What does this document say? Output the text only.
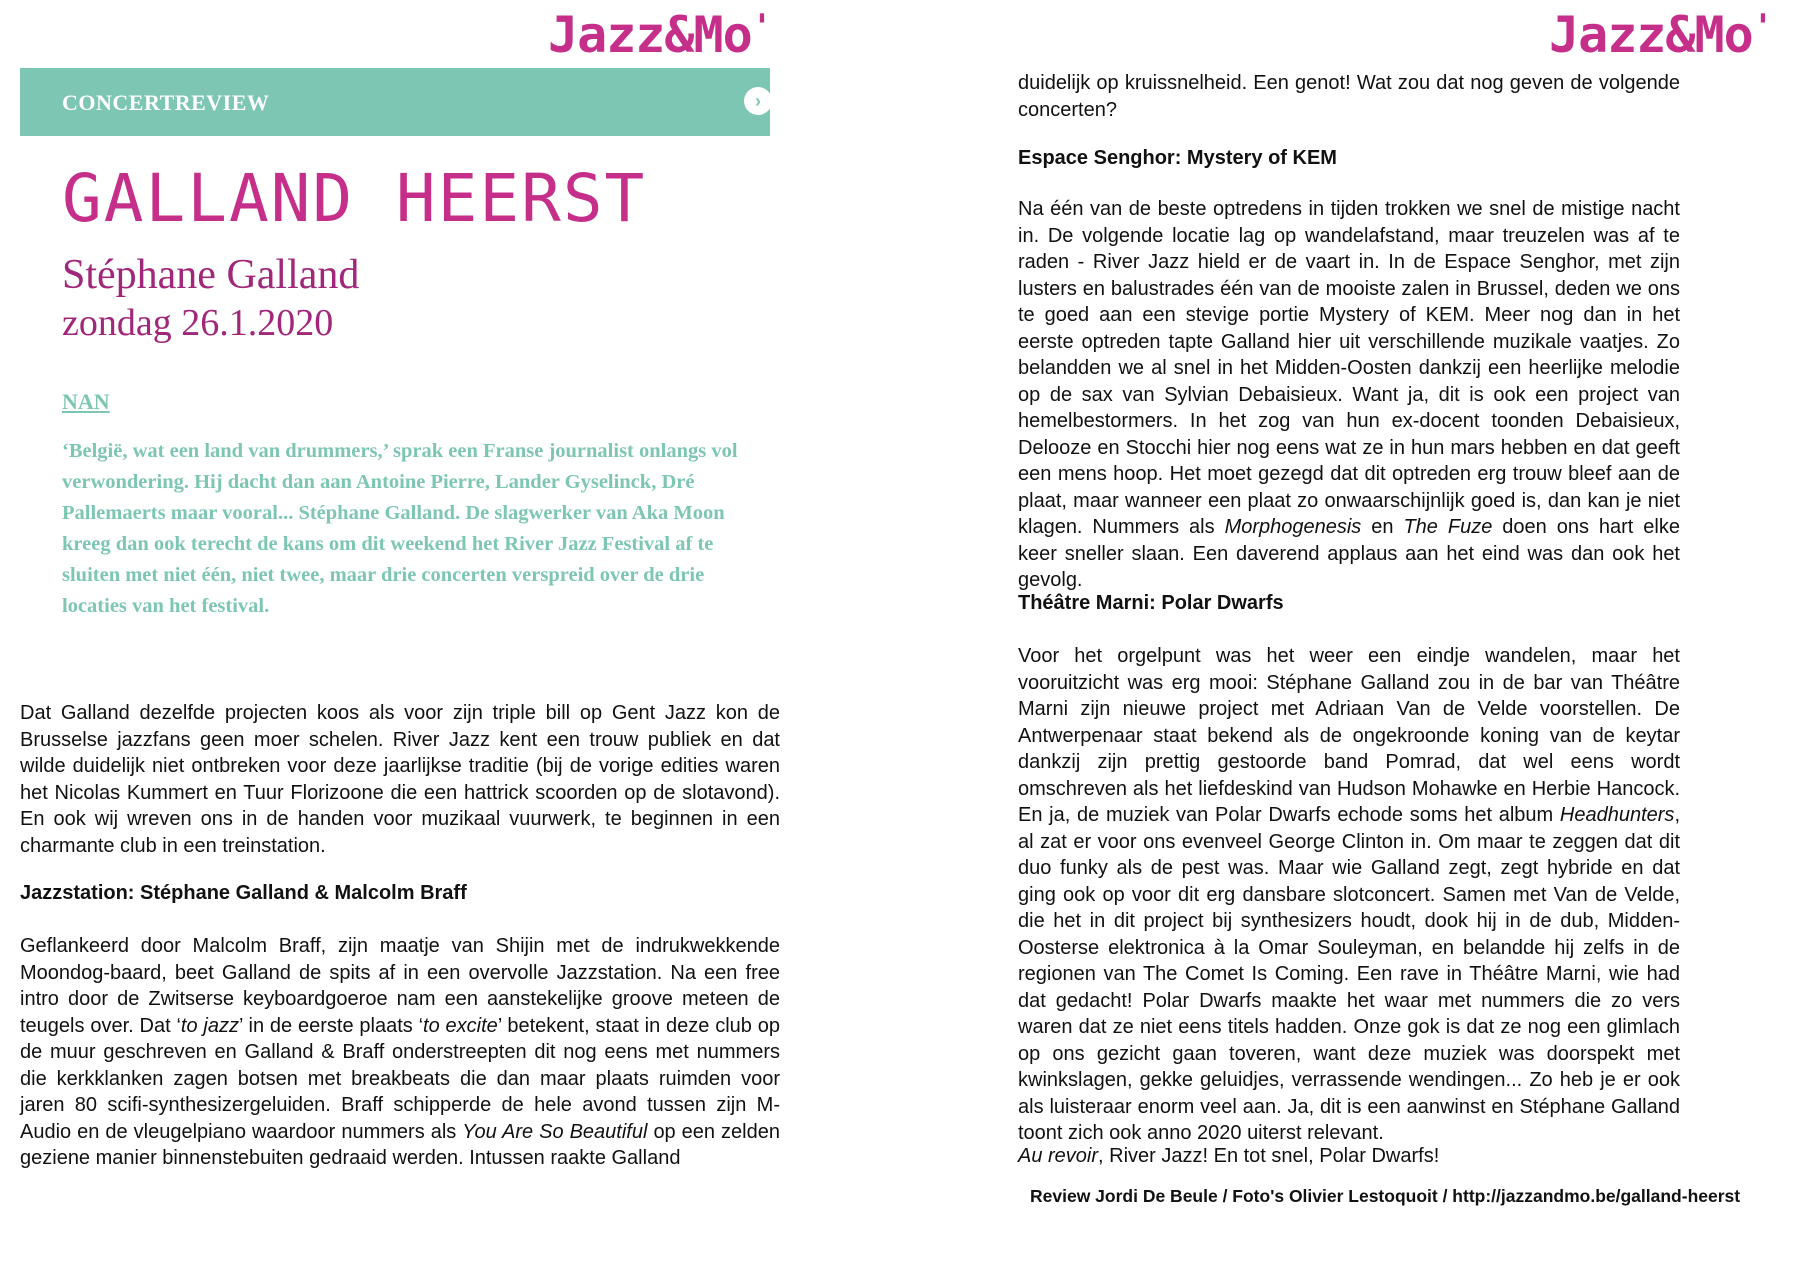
Jazz&Mo'
CONCERTREVIEW	›
GALLAND HEERST
Stéphane Galland
zondag 26.1.2020
NAN

‘België, wat een land van drummers,’ sprak een Franse journalist onlangs vol verwondering. Hij dacht dan aan Antoine Pierre, Lander Gyselinck, Dré Pallemaerts maar vooral... Stéphane Galland. De slagwerker van Aka Moon kreeg dan ook terecht de kans om dit weekend het River Jazz Festival af te sluiten met niet één, niet twee, maar drie concerten verspreid over de drie locaties van het festival.

Dat Galland dezelfde projecten koos als voor zijn triple bill op Gent Jazz kon de Brusselse jazzfans geen moer schelen. River Jazz kent een trouw publiek en dat wilde duidelijk niet ontbreken voor deze jaarlijkse traditie (bij de vorige edities waren het Nicolas Kummert en Tuur Florizoone die een hattrick scoorden op de slotavond). En ook wij wreven ons in de handen voor muzikaal vuurwerk, te beginnen in een charmante club in een treinstation.

Jazzstation: Stéphane Galland & Malcolm Braff

Geflankeerd door Malcolm Braff, zijn maatje van Shijin met de indrukwekkende Moondog-baard, beet Galland de spits af in een overvolle Jazzstation. Na een free intro door de Zwitserse keyboardgoeroe nam een aanstekelijke groove meteen de teugels over. Dat ‘to jazz’ in de eerste plaats ‘to excite’ betekent, staat in deze club op de muur geschreven en Galland & Braff onderstreepten dit nog eens met nummers die kerkklanken zagen botsen met breakbeats die dan maar plaats ruimden voor jaren 80 scifi-synthesizergeluiden. Braff schipperde de hele avond tussen zijn M-Audio en de vleugelpiano waardoor nummers als You Are So Beautiful op een zelden geziene manier binnenstebuiten gedraaid werden. Intussen raakte Galland

Jazz&Mo'

duidelijk op kruissnelheid. Een genot! Wat zou dat nog geven de volgende concerten?

Espace Senghor: Mystery of KEM

Na één van de beste optredens in tijden trokken we snel de mistige nacht in. De volgende locatie lag op wandelafstand, maar treuzelen was af te raden - River Jazz hield er de vaart in. In de Espace Senghor, met zijn lusters en balustrades één van de mooiste zalen in Brussel, deden we ons te goed aan een stevige portie Mystery of KEM. Meer nog dan in het eerste optreden tapte Galland hier uit verschillende muzikale vaatjes. Zo belandden we al snel in het Midden-Oosten dankzij een heerlijke melodie op de sax van Sylvian Debaisieux. Want ja, dit is ook een project van hemelbestormers. In het zog van hun ex-docent toonden Debaisieux, Delooze en Stocchi hier nog eens wat ze in hun mars hebben en dat geeft een mens hoop. Het moet gezegd dat dit optreden erg trouw bleef aan de plaat, maar wanneer een plaat zo onwaarschijnlijk goed is, dan kan je niet klagen. Nummers als Morphogenesis en The Fuze doen ons hart elke keer sneller slaan. Een daverend applaus aan het eind was dan ook het gevolg.

Théâtre Marni: Polar Dwarfs

Voor het orgelpunt was het weer een eindje wandelen, maar het vooruitzicht was erg mooi: Stéphane Galland zou in de bar van Théâtre Marni zijn nieuwe project met Adriaan Van de Velde voorstellen. De Antwerpenaar staat bekend als de ongekroonde koning van de keytar dankzij zijn prettig gestoorde band Pomrad, dat wel eens wordt omschreven als het liefdeskind van Hudson Mohawke en Herbie Hancock. En ja, de muziek van Polar Dwarfs echode soms het album Headhunters, al zat er voor ons evenveel George Clinton in. Om maar te zeggen dat dit duo funky als de pest was. Maar wie Galland zegt, zegt hybride en dat ging ook op voor dit erg dansbare slotconcert. Samen met Van de Velde, die het in dit project bij synthesizers houdt, dook hij in de dub, Midden-Oosterse elektronica à la Omar Souleyman, en belandde hij zelfs in de regionen van The Comet Is Coming. Een rave in Théâtre Marni, wie had dat gedacht! Polar Dwarfs maakte het waar met nummers die zo vers waren dat ze niet eens titels hadden. Onze gok is dat ze nog een glimlach op ons gezicht gaan toveren, want deze muziek was doorspekt met kwinkslagen, gekke geluidjes, verrassende wendingen... Zo heb je er ook als luisteraar enorm veel aan. Ja, dit is een aanwinst en Stéphane Galland toont zich ook anno 2020 uiterst relevant.

Au revoir, River Jazz! En tot snel, Polar Dwarfs!

Review Jordi De Beule / Foto's Olivier Lestoquoit / http://jazzandmo.be/galland-heerst
